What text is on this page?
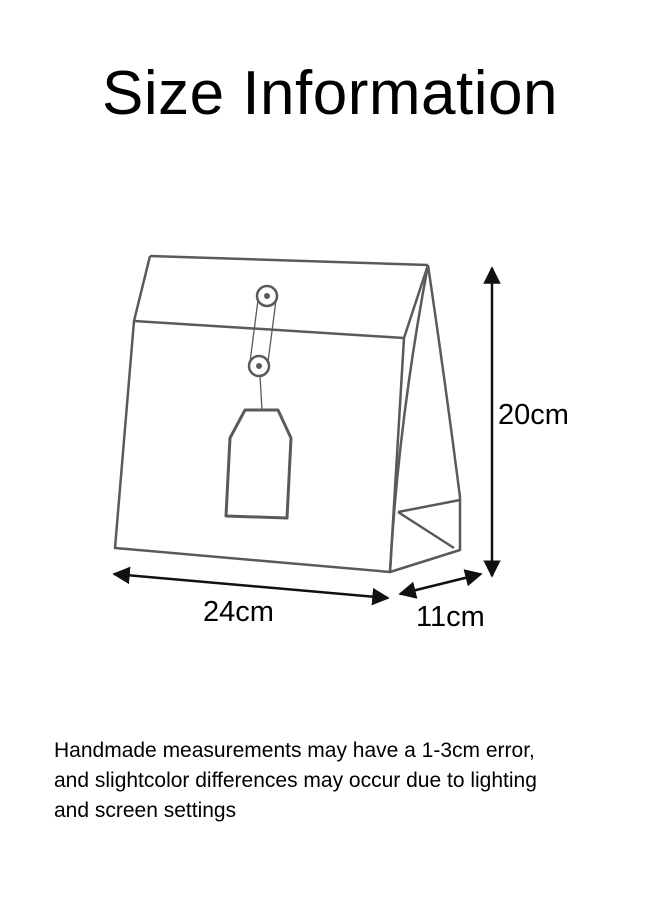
Size Information
20cm
24cm	11cm

Handmade measurements may have a 1-3cm error,
and slightcolor differences may occur due to lighting
and screen settings
